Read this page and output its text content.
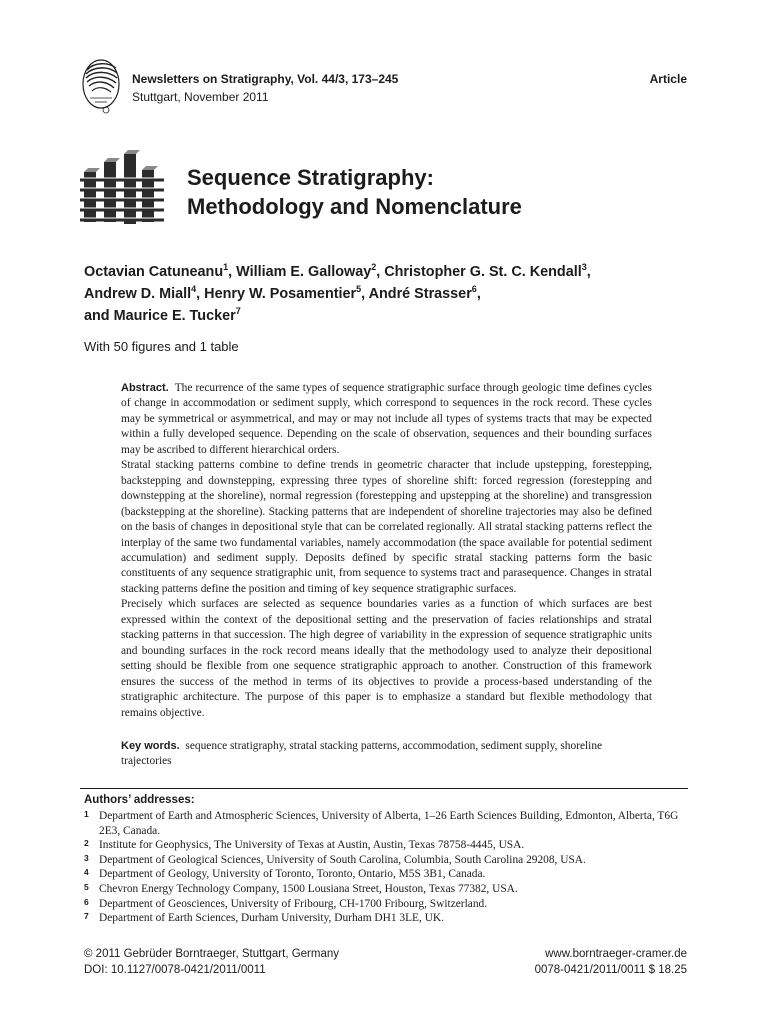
Newsletters on Stratigraphy, Vol. 44/3, 173–245
Stuttgart, November 2011
Article
Sequence Stratigraphy:
Methodology and Nomenclature
Octavian Catuneanu$^1$, William E. Galloway$^2$, Christopher G. St. C. Kendall$^3$,
Andrew D. Miall$^4$, Henry W. Posamentier$^5$, André Strasser$^6$,
and Maurice E. Tucker$^7$
With 50 figures and 1 table

Abstract. The recurrence of the same types of sequence stratigraphic surface through geologic time defines cycles of change in accommodation or sediment supply, which correspond to sequences in the rock record. These cycles may be symmetrical or asymmetrical, and may or may not include all types of systems tracts that may be expected within a fully developed sequence. Depending on the scale of observation, sequences and their bounding surfaces may be ascribed to different hierarchical orders.

Stratal stacking patterns combine to define trends in geometric character that include upstepping, forestepping, backstepping and downstepping, expressing three types of shoreline shift: forced regression (forestepping and downstepping at the shoreline), normal regression (forestepping and upstepping at the shoreline) and transgression (backstepping at the shoreline). Stacking patterns that are independent of shoreline trajectories may also be defined on the basis of changes in depositional style that can be correlated regionally. All stratal stacking patterns reflect the interplay of the same two fundamental variables, namely accommodation (the space available for potential sediment accumulation) and sediment supply. Deposits defined by specific stratal stacking patterns form the basic constituents of any sequence stratigraphic unit, from sequence to systems tract and parasequence. Changes in stratal stacking patterns define the position and timing of key sequence stratigraphic surfaces.

Precisely which surfaces are selected as sequence boundaries varies as a function of which surfaces are best expressed within the context of the depositional setting and the preservation of facies relationships and stratal stacking patterns in that succession. The high degree of variability in the expression of sequence stratigraphic units and bounding surfaces in the rock record means ideally that the methodology used to analyze their depositional setting should be flexible from one sequence stratigraphic approach to another. Construction of this framework ensures the success of the method in terms of its objectives to provide a process-based understanding of the stratigraphic architecture. The purpose of this paper is to emphasize a standard but flexible methodology that remains objective.

Key words. sequence stratigraphy, stratal stacking patterns, accommodation, sediment supply, shoreline trajectories
Authors’ addresses:
1 Department of Earth and Atmospheric Sciences, University of Alberta, 1–26 Earth Sciences Building, Edmonton, Alberta, T6G 2E3, Canada.
2 Institute for Geophysics, The University of Texas at Austin, Austin, Texas 78758-4445, USA.
3 Department of Geological Sciences, University of South Carolina, Columbia, South Carolina 29208, USA.
4 Department of Geology, University of Toronto, Toronto, Ontario, M5S 3B1, Canada.
5 Chevron Energy Technology Company, 1500 Lousiana Street, Houston, Texas 77382, USA.
6 Department of Geosciences, University of Fribourg, CH-1700 Fribourg, Switzerland.
7 Department of Earth Sciences, Durham University, Durham DH1 3LE, UK.
© 2011 Gebrüder Borntraeger, Stuttgart, Germany
DOI: 10.1127/0078-0421/2011/0011
www.borntraeger-cramer.de
0078-0421/2011/0011 $ 18.25
